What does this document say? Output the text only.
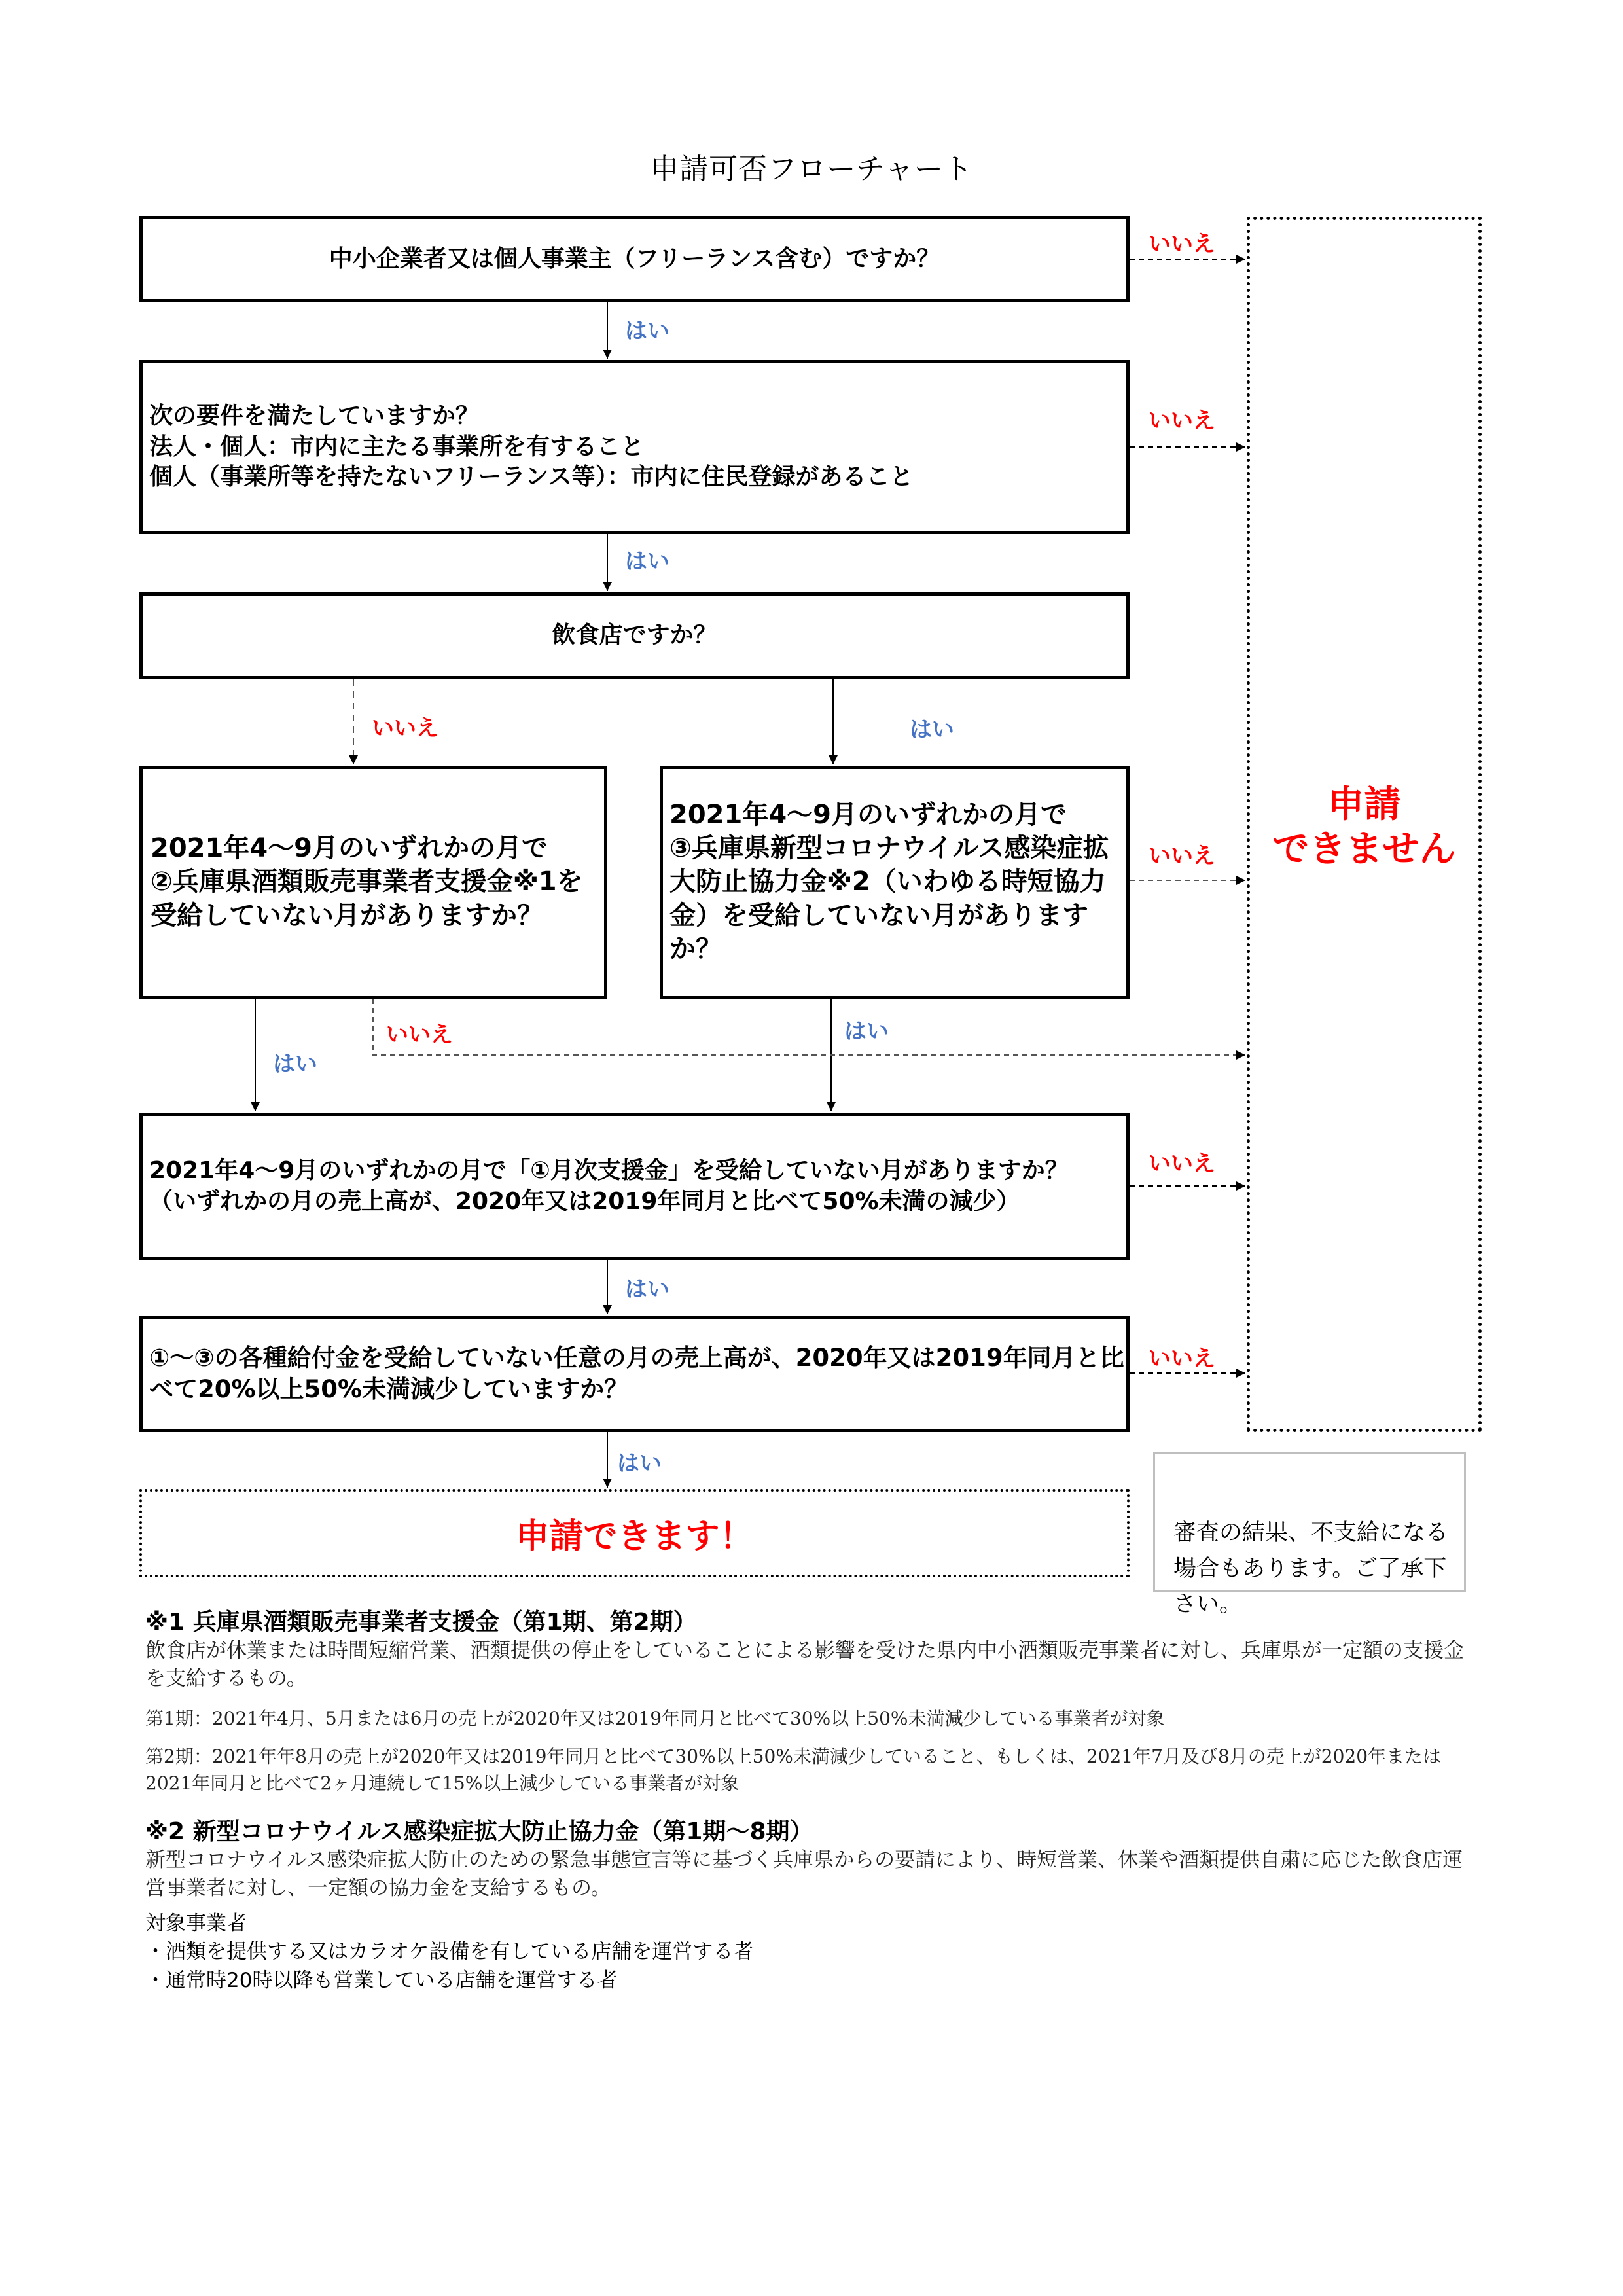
申請可否フローチャート
中小企業者又は個人事業主（フリーランス含む）ですか？
次の要件を満たしていますか？
法人・個人：市内に主たる事業所を有すること
個人（事業所等を持たないフリーランス等）：市内に住民登録があること
飲食店ですか？
2021年4～9月のいずれかの月で
②兵庫県酒類販売事業者支援金※1を受給していない月がありますか？
2021年4～9月のいずれかの月で
③兵庫県新型コロナウイルス感染症拡大防止協力金※2（いわゆる時短協力金）を受給していない月がありますか？
2021年4～9月のいずれかの月で「①月次支援金」を受給していない月がありますか？
（いずれかの月の売上高が、2020年又は2019年同月と比べて50%未満の減少）
①～③の各種給付金を受給していない任意の月の売上高が、2020年又は2019年同月と比べて20%以上50%未満減少していますか？
申請
できません
申請できます！	審査の結果、不支給になる場合もあります。ご了承下さい。

はい
いいえ
いいえ
はい
いいえ	はい
いいえ
いいえ
はい
はい
いいえ
はい
いいえ
はい
※1 兵庫県酒類販売事業者支援金（第1期、第2期）
飲食店が休業または時間短縮営業、酒類提供の停止をしていることによる影響を受けた県内中小酒類販売事業者に対し、兵庫県が一定額の支援金を支給するもの。
第1期：2021年4月、5月または6月の売上が2020年又は2019年同月と比べて30%以上50%未満減少している事業者が対象
第2期：2021年年8月の売上が2020年又は2019年同月と比べて30%以上50%未満減少していること、もしくは、2021年7月及び8月の売上が2020年または2021年同月と比べて2ヶ月連続して15%以上減少している事業者が対象
※2 新型コロナウイルス感染症拡大防止協力金（第1期～8期）
新型コロナウイルス感染症拡大防止のための緊急事態宣言等に基づく兵庫県からの要請により、時短営業、休業や酒類提供自粛に応じた飲食店運営事業者に対し、一定額の協力金を支給するもの。
対象事業者
・酒類を提供する又はカラオケ設備を有している店舗を運営する者
・通常時20時以降も営業している店舗を運営する者
